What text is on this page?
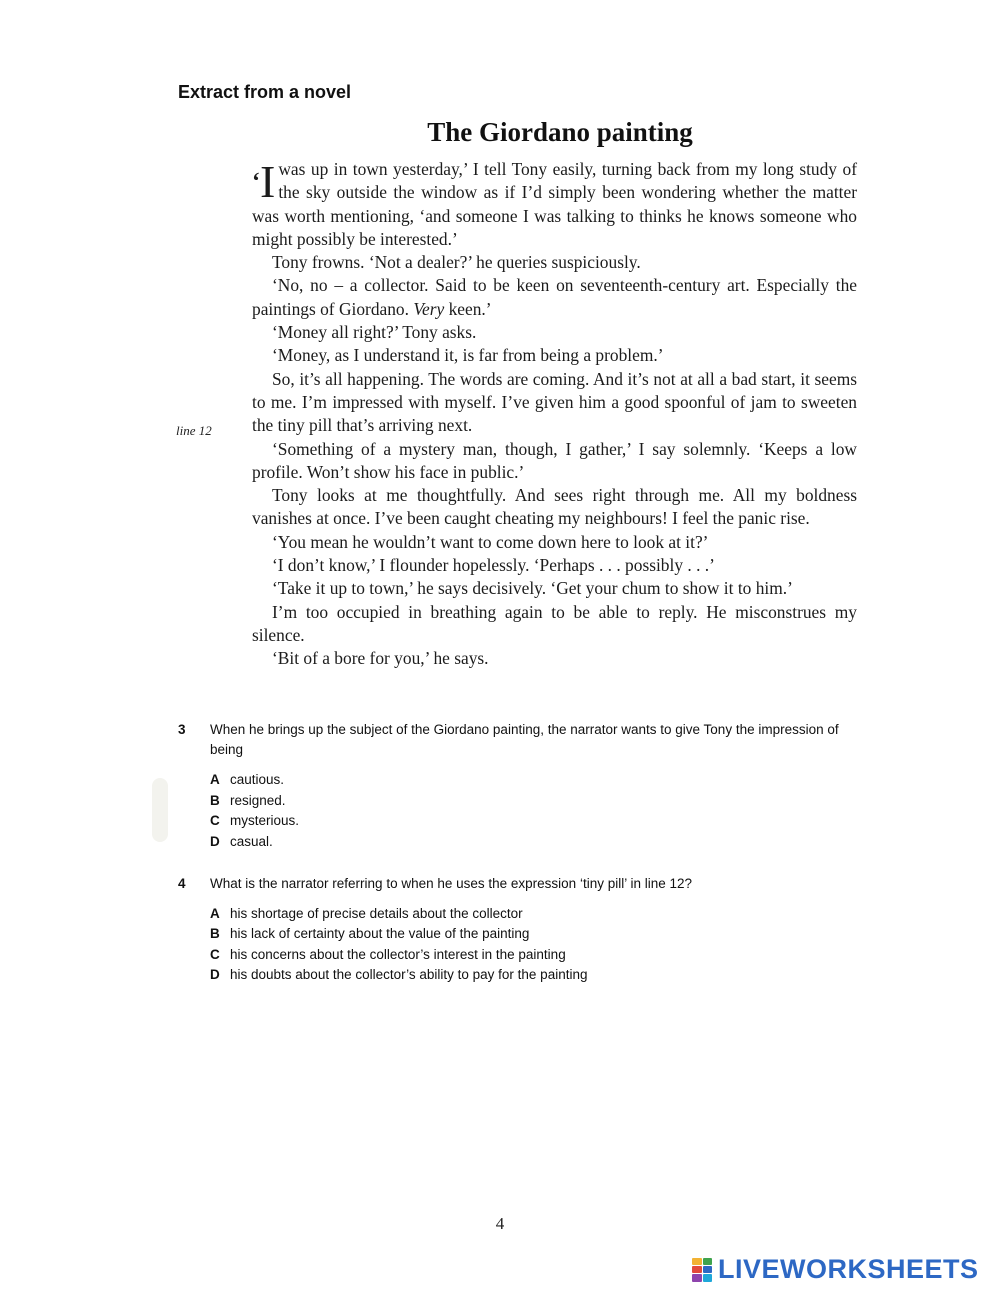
Extract from a novel
The Giordano painting

‘I was up in town yesterday,’ I tell Tony easily, turning back from my long study of the sky outside the window as if I’d simply been wondering whether the matter was worth mentioning, ‘and someone I was talking to thinks he knows someone who might possibly be interested.’

Tony frowns. ‘Not a dealer?’ he queries suspiciously.

‘No, no – a collector. Said to be keen on seventeenth-century art. Especially the paintings of Giordano. Very keen.’

‘Money all right?’ Tony asks.

‘Money, as I understand it, is far from being a problem.’

So, it’s all happening. The words are coming. And it’s not at all a bad start, it seems to me. I’m impressed with myself. I’ve given him a good spoonful of jam to sweeten the tiny pill that’s arriving next.

‘Something of a mystery man, though, I gather,’ I say solemnly. ‘Keeps a low profile. Won’t show his face in public.’

Tony looks at me thoughtfully. And sees right through me. All my boldness vanishes at once. I’ve been caught cheating my neighbours! I feel the panic rise.

‘You mean he wouldn’t want to come down here to look at it?’

‘I don’t know,’ I flounder hopelessly. ‘Perhaps . . . possibly . . .’

‘Take it up to town,’ he says decisively. ‘Get your chum to show it to him.’

I’m too occupied in breathing again to be able to reply. He misconstrues my silence.

‘Bit of a bore for you,’ he says.

line 12
3 When he brings up the subject of the Giordano painting, the narrator wants to give Tony the impression of being
A cautious.
B resigned.
C mysterious.
D casual.
4 What is the narrator referring to when he uses the expression ‘tiny pill’ in line 12?
A his shortage of precise details about the collector
B his lack of certainty about the value of the painting
C his concerns about the collector’s interest in the painting
D his doubts about the collector’s ability to pay for the painting
4
LIVEWORKSHEETS
